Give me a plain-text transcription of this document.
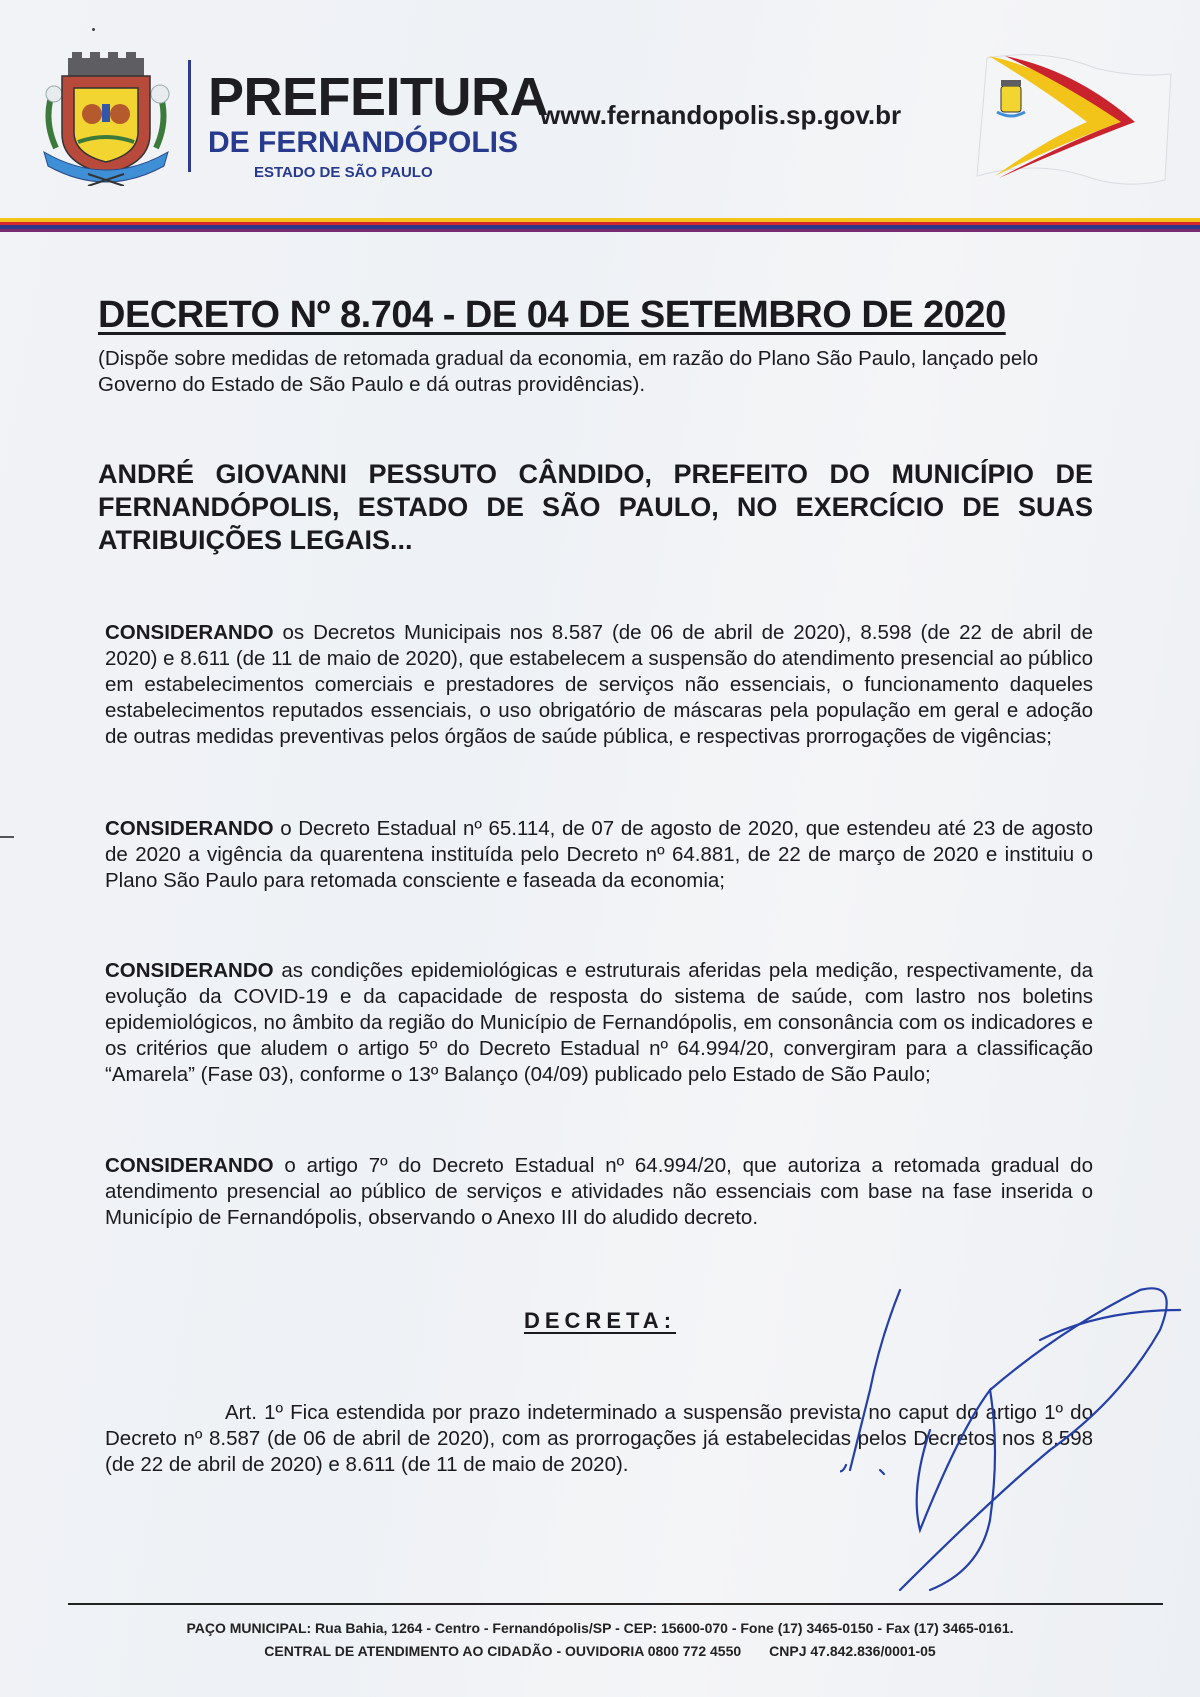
PREFEITURA
DE FERNANDÓPOLIS
ESTADO DE SÃO PAULO
www.fernandopolis.sp.gov.br
DECRETO Nº 8.704 - DE 04 DE SETEMBRO DE 2020
(Dispõe sobre medidas de retomada gradual da economia, em razão do Plano São Paulo, lançado pelo Governo do Estado de São Paulo e dá outras providências).
ANDRÉ GIOVANNI PESSUTO CÂNDIDO, PREFEITO DO MUNICÍPIO DE FERNANDÓPOLIS, ESTADO DE SÃO PAULO, NO EXERCÍCIO DE SUAS ATRIBUIÇÕES LEGAIS...
CONSIDERANDO os Decretos Municipais nos 8.587 (de 06 de abril de 2020), 8.598 (de 22 de abril de 2020) e 8.611 (de 11 de maio de 2020), que estabelecem a suspensão do atendimento presencial ao público em estabelecimentos comerciais e prestadores de serviços não essenciais, o funcionamento daqueles estabelecimentos reputados essenciais, o uso obrigatório de máscaras pela população em geral e adoção de outras medidas preventivas pelos órgãos de saúde pública, e respectivas prorrogações de vigências;
CONSIDERANDO o Decreto Estadual nº 65.114, de 07 de agosto de 2020, que estendeu até 23 de agosto de 2020 a vigência da quarentena instituída pelo Decreto nº 64.881, de 22 de março de 2020 e instituiu o Plano São Paulo para retomada consciente e faseada da economia;
CONSIDERANDO as condições epidemiológicas e estruturais aferidas pela medição, respectivamente, da evolução da COVID-19 e da capacidade de resposta do sistema de saúde, com lastro nos boletins epidemiológicos, no âmbito da região do Município de Fernandópolis, em consonância com os indicadores e os critérios que aludem o artigo 5º do Decreto Estadual nº 64.994/20, convergiram para a classificação “Amarela” (Fase 03), conforme o 13º Balanço (04/09) publicado pelo Estado de São Paulo;
CONSIDERANDO o artigo 7º do Decreto Estadual nº 64.994/20, que autoriza a retomada gradual do atendimento presencial ao público de serviços e atividades não essenciais com base na fase inserida o Município de Fernandópolis, observando o Anexo III do aludido decreto.
DECRETA:
Art. 1º Fica estendida por prazo indeterminado a suspensão prevista no caput do artigo 1º do Decreto nº 8.587 (de 06 de abril de 2020), com as prorrogações já estabelecidas pelos Decretos nos 8.598 (de 22 de abril de 2020) e 8.611 (de 11 de maio de 2020).
PAÇO MUNICIPAL: Rua Bahia, 1264 - Centro - Fernandópolis/SP - CEP: 15600-070 - Fone (17) 3465-0150 - Fax (17) 3465-0161.
CENTRAL DE ATENDIMENTO AO CIDADÃO - OUVIDORIA 0800 772 4550 CNPJ 47.842.836/0001-05
